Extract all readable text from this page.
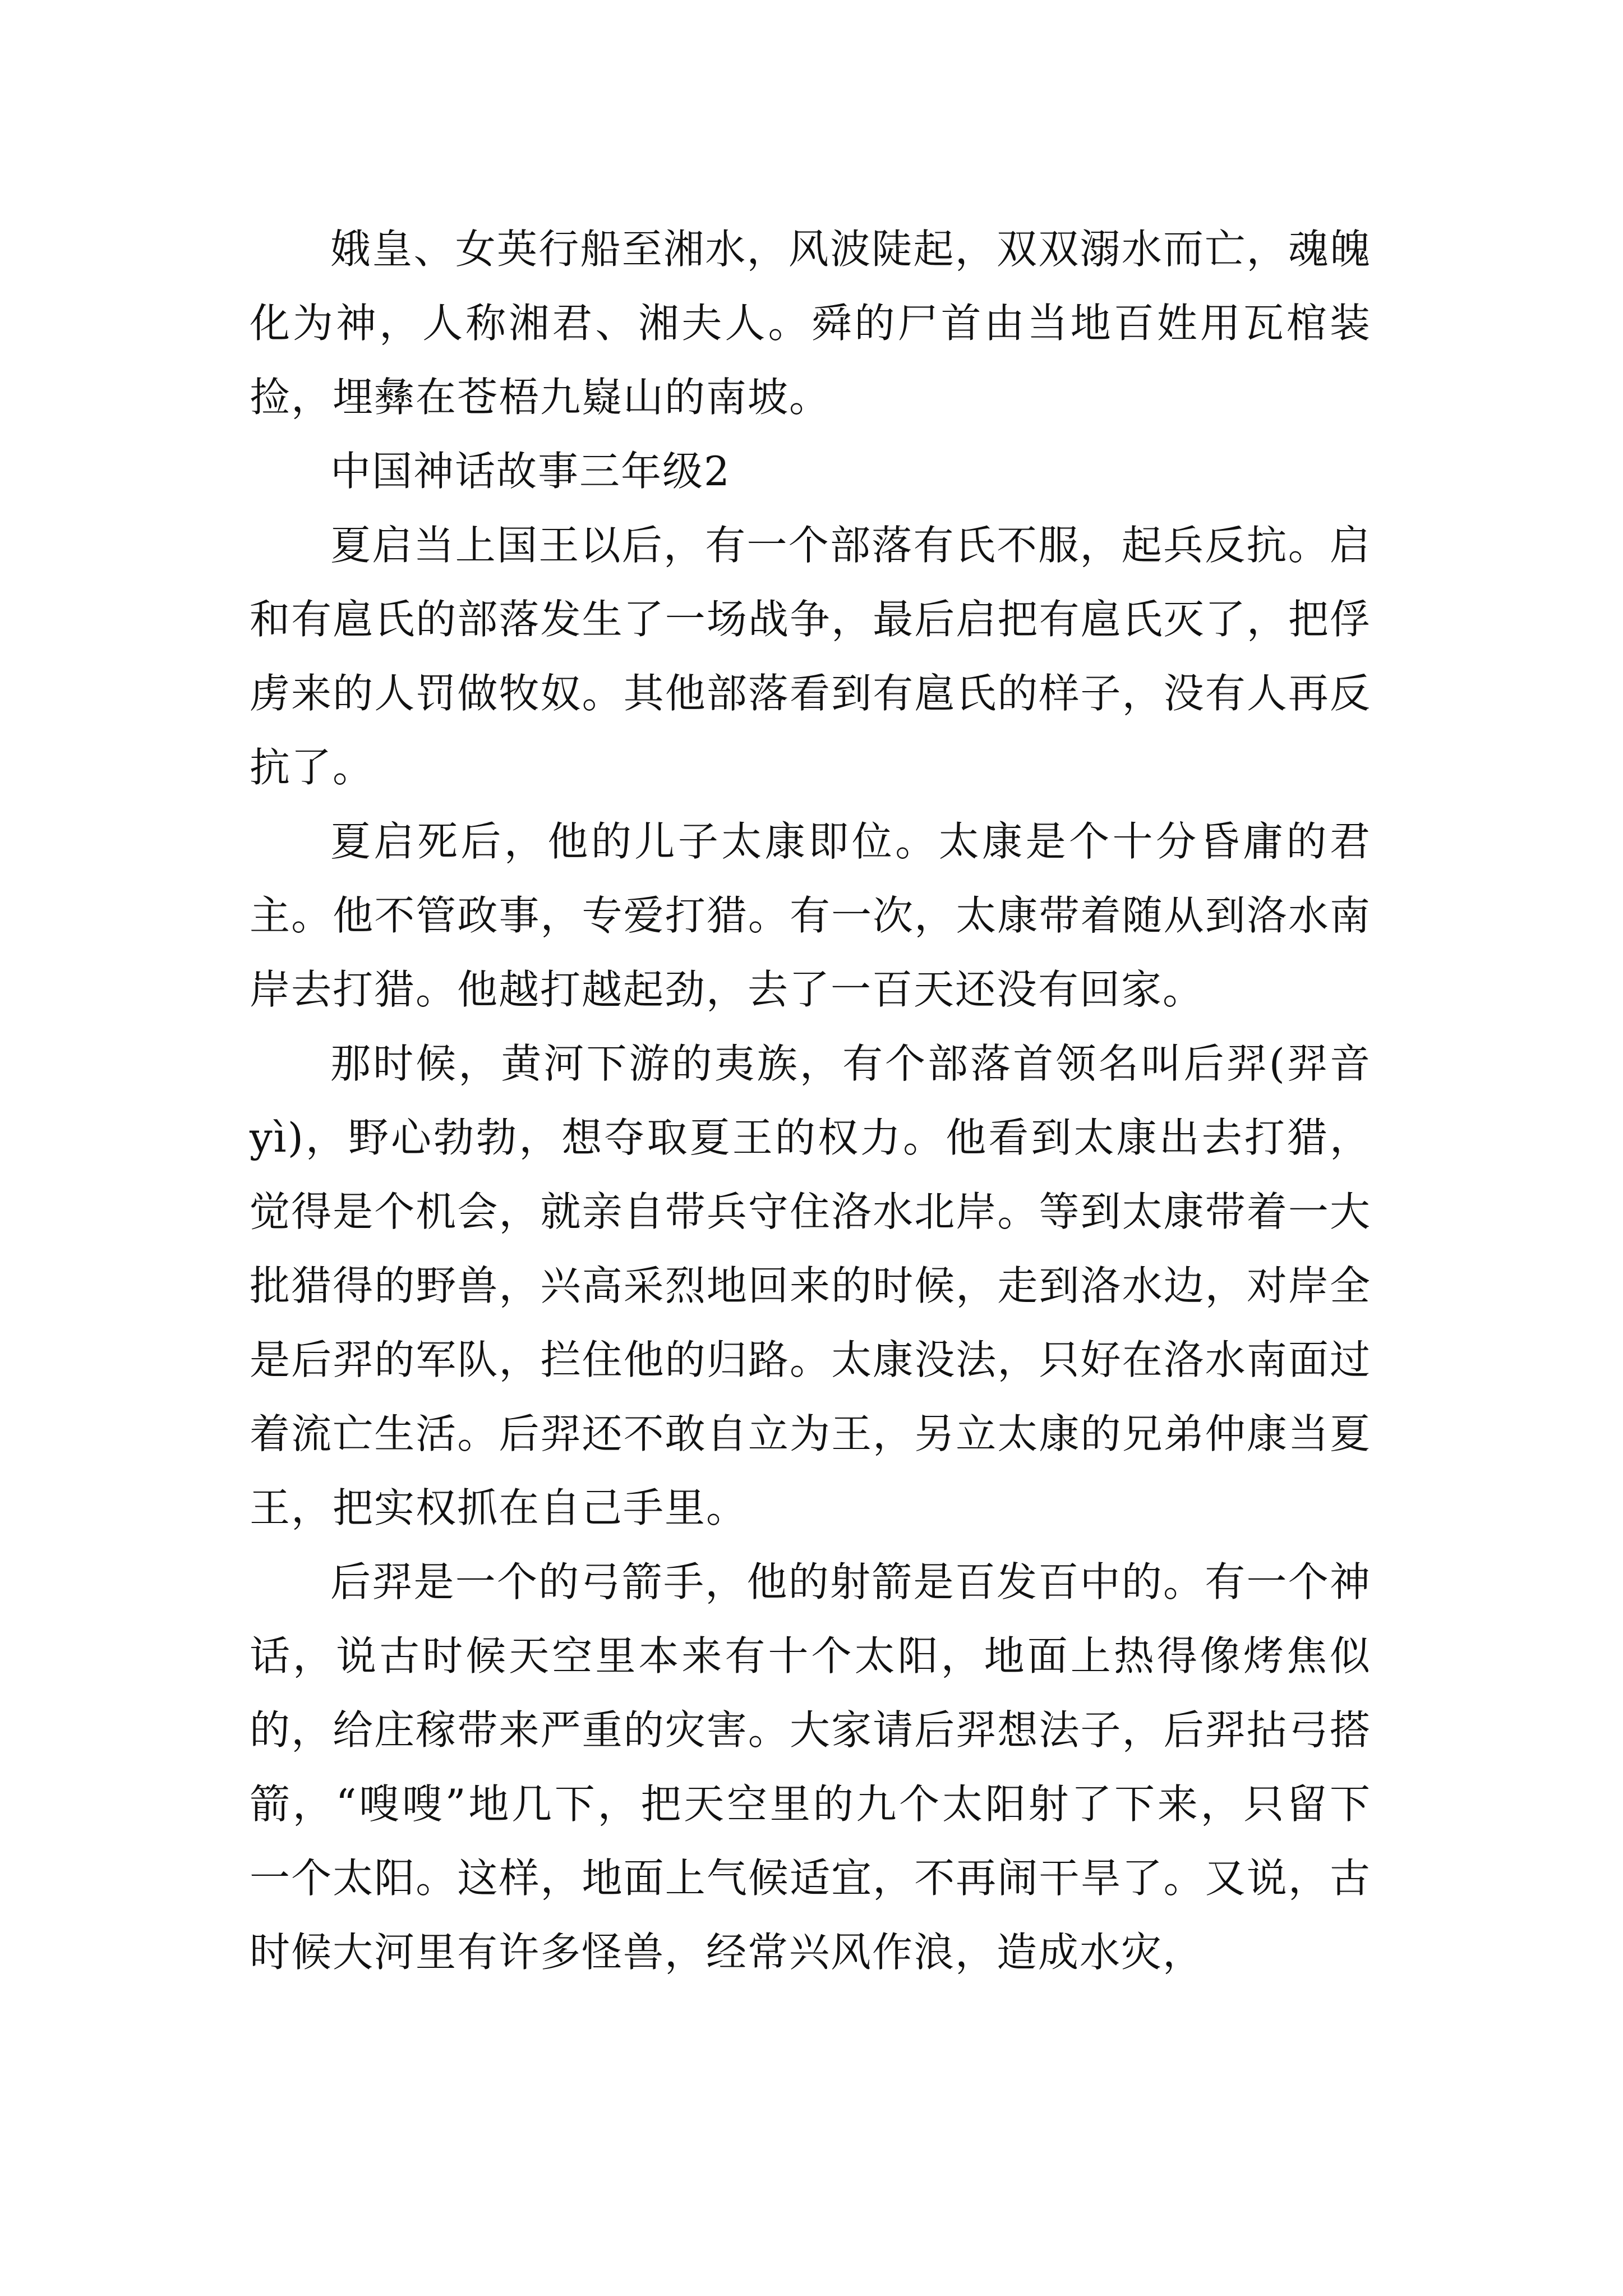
娥皇、女英行船至湘水，风波陡起，双双溺水而亡，魂魄化为神，人称湘君、湘夫人。舜的尸首由当地百姓用瓦棺装捡，埋彝在苍梧九嶷山的南坡。

中国神话故事三年级2

夏启当上国王以后，有一个部落有氏不服，起兵反抗。启和有扈氏的部落发生了一场战争，最后启把有扈氏灭了，把俘虏来的人罚做牧奴。其他部落看到有扈氏的样子，没有人再反抗了。

夏启死后，他的儿子太康即位。太康是个十分昏庸的君主。他不管政事，专爱打猎。有一次，太康带着随从到洛水南岸去打猎。他越打越起劲，去了一百天还没有回家。

那时候，黄河下游的夷族，有个部落首领名叫后羿(羿音yì)，野心勃勃，想夺取夏王的权力。他看到太康出去打猎，觉得是个机会，就亲自带兵守住洛水北岸。等到太康带着一大批猎得的野兽，兴高采烈地回来的时候，走到洛水边，对岸全是后羿的军队，拦住他的归路。太康没法，只好在洛水南面过着流亡生活。后羿还不敢自立为王，另立太康的兄弟仲康当夏王，把实权抓在自己手里。

后羿是一个的弓箭手，他的射箭是百发百中的。有一个神话，说古时候天空里本来有十个太阳，地面上热得像烤焦似的，给庄稼带来严重的灾害。大家请后羿想法子，后羿拈弓搭箭，“嗖嗖”地几下，把天空里的九个太阳射了下来，只留下一个太阳。这样，地面上气候适宜，不再闹干旱了。又说，古时候大河里有许多怪兽，经常兴风作浪，造成水灾，
